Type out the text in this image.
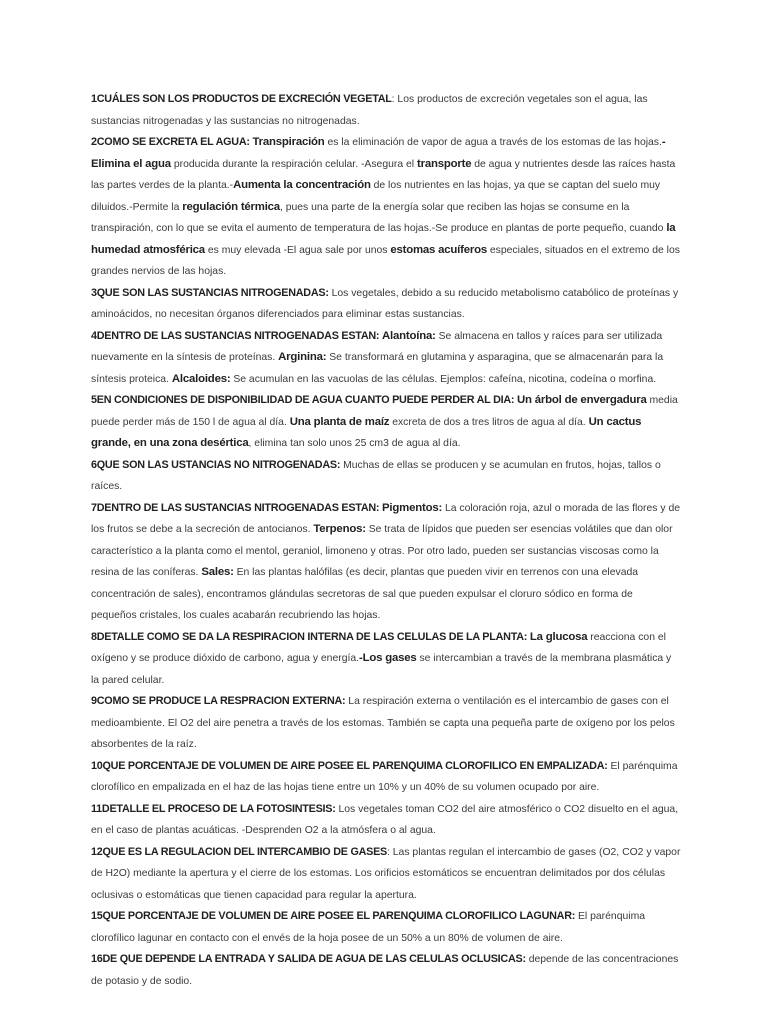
1CUÁLES SON LOS PRODUCTOS DE EXCRECIÓN VEGETAL: Los productos de excreción vegetales son el agua, las sustancias nitrogenadas y las sustancias no nitrogenadas.

2COMO SE EXCRETA EL AGUA: Transpiración es la eliminación de vapor de agua a través de los estomas de las hojas.-Elimina el agua producida durante la respiración celular. -Asegura el transporte de agua y nutrientes desde las raíces hasta las partes verdes de la planta.-Aumenta la concentración de los nutrientes en las hojas, ya que se captan del suelo muy diluidos.-Permite la regulación térmica, pues una parte de la energía solar que reciben las hojas se consume en la transpiración, con lo que se evita el aumento de temperatura de las hojas.-Se produce en plantas de porte pequeño, cuando la humedad atmosférica es muy elevada -El agua sale por unos estomas acuíferos especiales, situados en el extremo de los grandes nervios de las hojas.

3QUE SON LAS SUSTANCIAS NITROGENADAS: Los vegetales, debido a su reducido metabolismo catabólico de proteínas y aminoácidos, no necesitan órganos diferenciados para eliminar estas sustancias.

4DENTRO DE LAS SUSTANCIAS NITROGENADAS ESTAN: Alantoína: Se almacena en tallos y raíces para ser utilizada nuevamente en la síntesis de proteínas. Arginina: Se transformará en glutamina y asparagina, que se almacenarán para la síntesis proteica. Alcaloides: Se acumulan en las vacuolas de las células. Ejemplos: cafeína, nicotina, codeína o morfina.

5EN CONDICIONES DE DISPONIBILIDAD DE AGUA CUANTO PUEDE PERDER AL DIA: Un árbol de envergadura media puede perder más de 150 l de agua al día. Una planta de maíz excreta de dos a tres litros de agua al día. Un cactus grande, en una zona desértica, elimina tan solo unos 25 cm3 de agua al día.

6QUE SON LAS USTANCIAS NO NITROGENADAS: Muchas de ellas se producen y se acumulan en frutos, hojas, tallos o raíces.

7DENTRO DE LAS SUSTANCIAS NITROGENADAS ESTAN: Pigmentos: La coloración roja, azul o morada de las flores y de los frutos se debe a la secreción de antocianos. Terpenos: Se trata de lípidos que pueden ser esencias volátiles que dan olor característico a la planta como el mentol, geraniol, limoneno y otras. Por otro lado, pueden ser sustancias viscosas como la resina de las coníferas. Sales: En las plantas halófilas (es decir, plantas que pueden vivir en terrenos con una elevada concentración de sales), encontramos glándulas secretoras de sal que pueden expulsar el cloruro sódico en forma de pequeños cristales, los cuales acabarán recubriendo las hojas.

8DETALLE COMO SE DA LA RESPIRACION INTERNA DE LAS CELULAS DE LA PLANTA: La glucosa reacciona con el oxígeno y se produce dióxido de carbono, agua y energía.-Los gases se intercambian a través de la membrana plasmática y la pared celular.

9COMO SE PRODUCE LA RESPRACION EXTERNA: La respiración externa o ventilación es el intercambio de gases con el medioambiente. El O2 del aire penetra a través de los estomas. También se capta una pequeña parte de oxígeno por los pelos absorbentes de la raíz.

10QUE PORCENTAJE DE VOLUMEN DE AIRE POSEE EL PARENQUIMA CLOROFILICO EN EMPALIZADA: El parénquima clorofílico en empalizada en el haz de las hojas tiene entre un 10% y un 40% de su volumen ocupado por aire.

11DETALLE EL PROCESO DE LA FOTOSINTESIS: Los vegetales toman CO2 del aire atmosférico o CO2 disuelto en el agua, en el caso de plantas acuáticas. -Desprenden O2 a la atmósfera o al agua.

12QUE ES LA REGULACION DEL INTERCAMBIO DE GASES: Las plantas regulan el intercambio de gases (O2, CO2 y vapor de H2O) mediante la apertura y el cierre de los estomas. Los orificios estomáticos se encuentran delimitados por dos células oclusivas o estomáticas que tienen capacidad para regular la apertura.

15QUE PORCENTAJE DE VOLUMEN DE AIRE POSEE EL PARENQUIMA CLOROFILICO LAGUNAR: El parénquima clorofílico lagunar en contacto con el envés de la hoja posee de un 50% a un 80% de volumen de aire.

16DE QUE DEPENDE LA ENTRADA Y SALIDA DE AGUA DE LAS CELULAS OCLUSICAS: depende de las concentraciones de potasio y de sodio.
